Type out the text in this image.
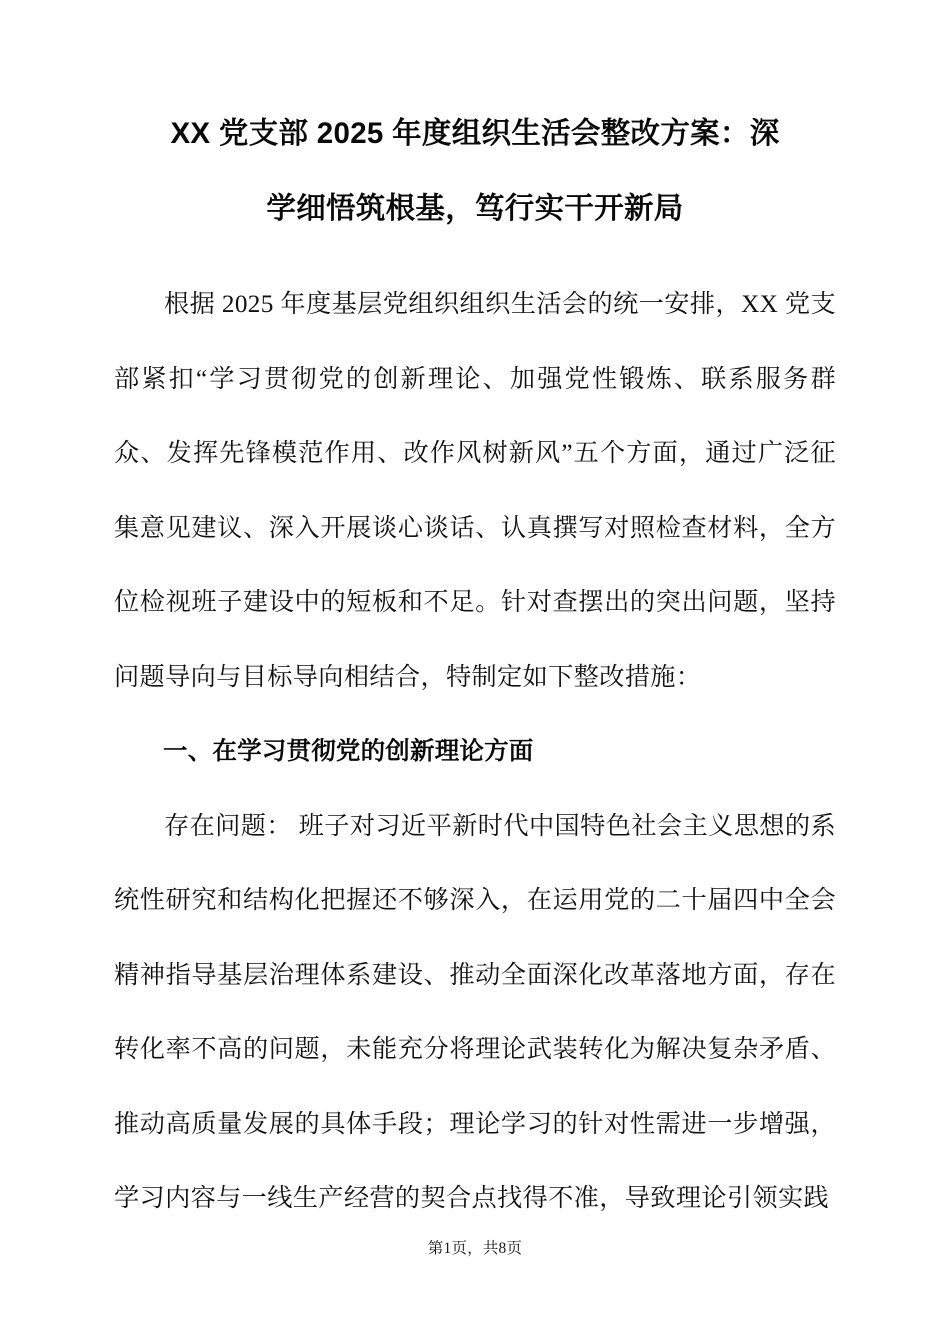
XX 党支部 2025 年度组织生活会整改方案：深
学细悟筑根基，笃行实干开新局

根据 2025 年度基层党组织组织生活会的统一安排，XX 党支部紧扣“学习贯彻党的创新理论、加强党性锻炼、联系服务群众、发挥先锋模范作用、改作风树新风”五个方面，通过广泛征集意见建议、深入开展谈心谈话、认真撰写对照检查材料，全方位检视班子建设中的短板和不足。针对查摆出的突出问题，坚持问题导向与目标导向相结合，特制定如下整改措施：

一、在学习贯彻党的创新理论方面

存在问题： 班子对习近平新时代中国特色社会主义思想的系统性研究和结构化把握还不够深入，在运用党的二十届四中全会精神指导基层治理体系建设、推动全面深化改革落地方面，存在转化率不高的问题，未能充分将理论武装转化为解决复杂矛盾、推动高质量发展的具体手段；理论学习的针对性需进一步增强，学习内容与一线生产经营的契合点找得不准，导致理论引领实践

第1页，共8页
